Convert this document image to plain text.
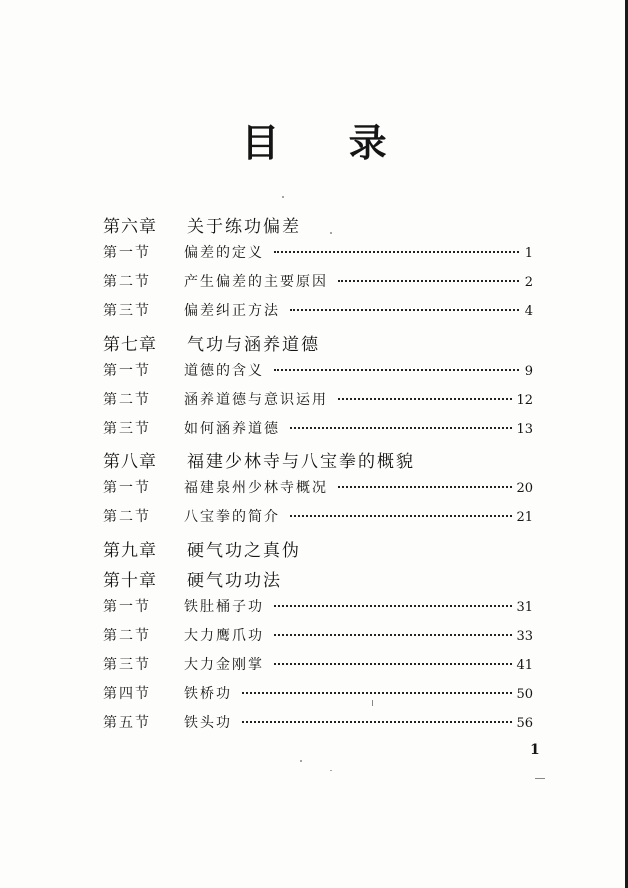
目 录
第六章	关于练功偏差
第一节	偏差的定义	1
第二节	产生偏差的主要原因	2
第三节	偏差纠正方法	4
第七章	气功与涵养道德
第一节	道德的含义	9
第二节	涵养道德与意识运用	12
第三节	如何涵养道德	13
第八章	福建少林寺与八宝拳的概貌
第一节	福建泉州少林寺概况	20
第二节	八宝拳的简介	21
第九章	硬气功之真伪
第十章	硬气功功法
第一节	铁肚桶子功	31
第二节	大力鹰爪功	33
第三节	大力金刚掌	41
第四节	铁桥功	50
第五节	铁头功	56
1
